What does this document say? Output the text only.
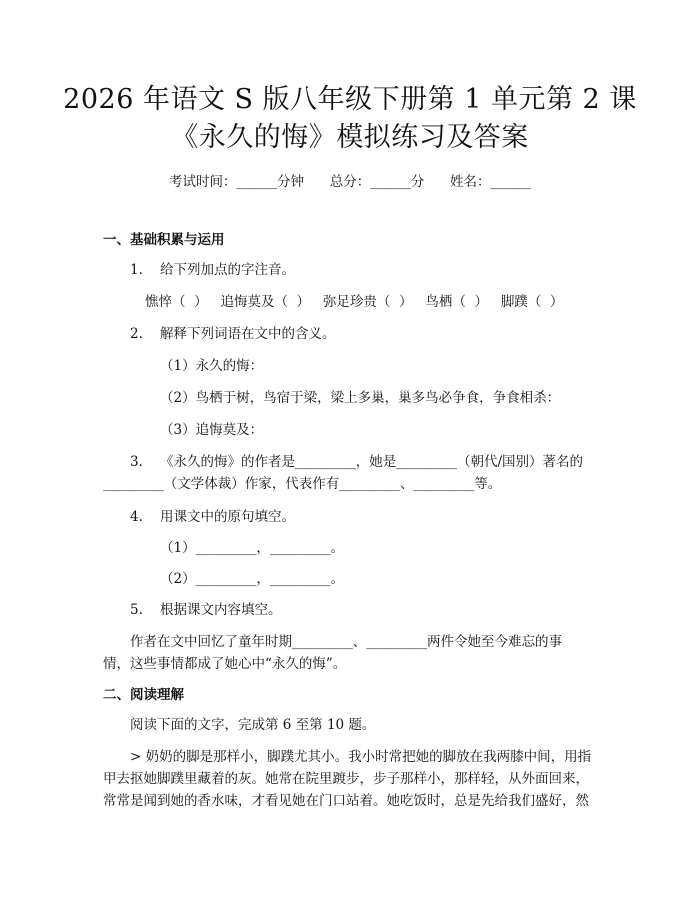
2026 年语文 S 版八年级下册第 1 单元第 2 课
《永久的悔》模拟练习及答案
考试时间：______分钟      总分：______分      姓名：______
一、基础积累与运用
1. 给下列加点的字注音。
憔悴（  ）   追悔莫及（  ）   弥足珍贵（  ）   鸟栖（  ）   脚蹼（  ）
2. 解释下列词语在文中的含义。
（1）永久的悔：
（2）鸟栖于树，鸟宿于梁，梁上多巢，巢多鸟必争食，争食相杀：
（3）追悔莫及：
3. 《永久的悔》的作者是_________，她是_________（朝代/国别）著名的
_________（文学体裁）作家，代表作有_________、_________等。
4. 用课文中的原句填空。
（1）_________，_________。
（2）_________，_________。
5. 根据课文内容填空。
作者在文中回忆了童年时期_________、_________两件令她至今难忘的事
情，这些事情都成了她心中“永久的悔”。
二、阅读理解
阅读下面的文字，完成第 6 至第 10 题。
> 奶奶的脚是那样小，脚蹼尤其小。我小时常把她的脚放在我两膝中间，用指
甲去抠她脚蹼里藏着的灰。她常在院里踱步，步子那样小，那样轻，从外面回来，
常常是闻到她的香水味，才看见她在门口站着。她吃饭时，总是先给我们盛好，然
